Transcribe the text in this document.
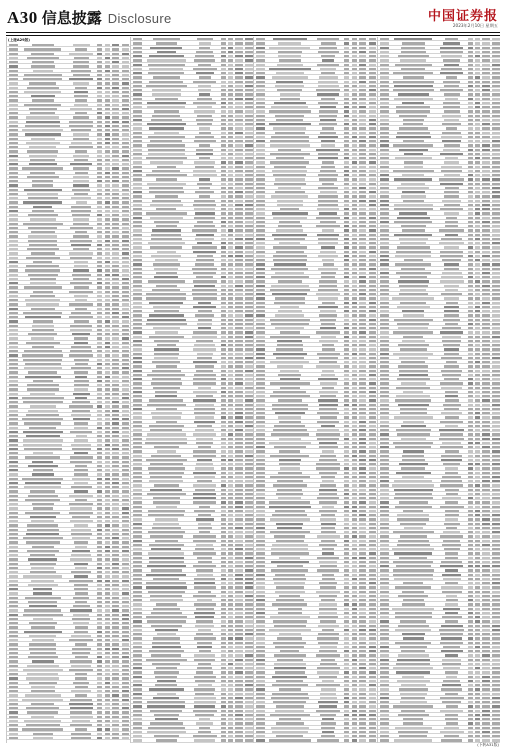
A30 信息披露 Disclosure	中国证券报
2023年2月10日 星期五
(上接A29版)
(下转A31版)
